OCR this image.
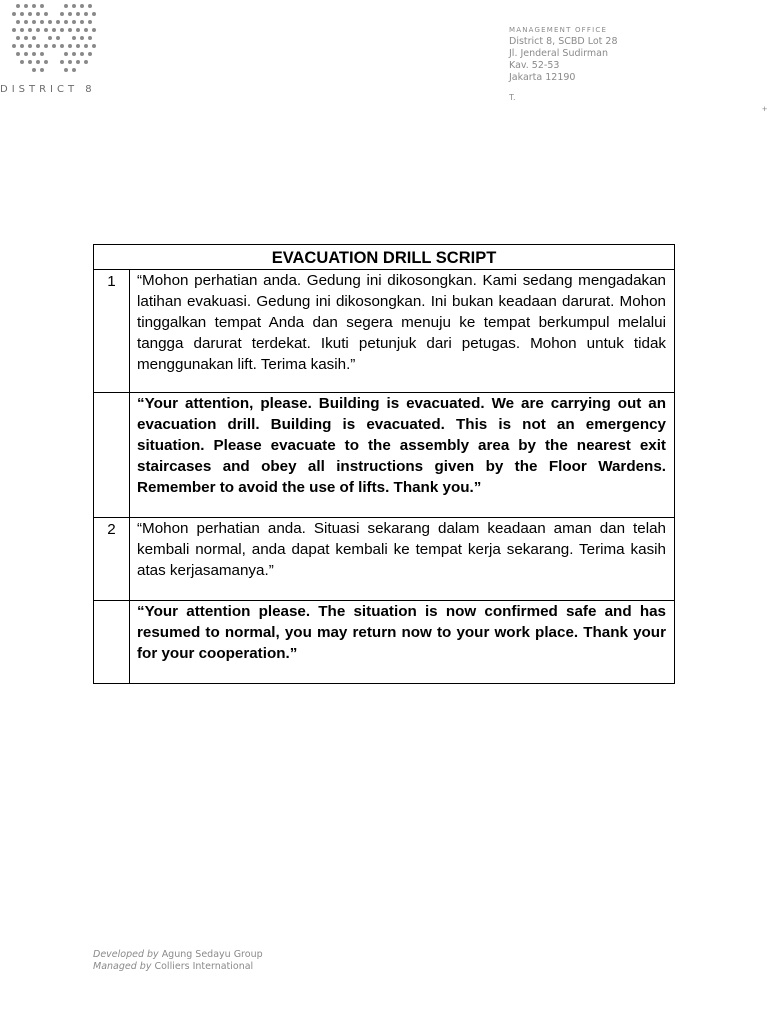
DISTRICT 8
MANAGEMENT OFFICE
District 8, SCBD Lot 28
Jl. Jenderal Sudirman
Kav. 52-53
Jakarta 12190
T.
+
EVACUATION DRILL SCRIPT	
1	“Mohon perhatian anda. Gedung ini dikosongkan. Kami sedang mengadakan latihan evakuasi. Gedung ini dikosongkan. Ini bukan keadaan darurat. Mohon tinggalkan tempat Anda dan segera menuju ke tempat berkumpul melalui tangga darurat terdekat. Ikuti petunjuk dari petugas. Mohon untuk tidak menggunakan lift. Terima kasih.”
	“Your attention, please. Building is evacuated. We are carrying out an evacuation drill. Building is evacuated. This is not an emergency situation. Please evacuate to the assembly area by the nearest exit staircases and obey all instructions given by the Floor Wardens. Remember to avoid the use of lifts. Thank you.”
2	“Mohon perhatian anda. Situasi sekarang dalam keadaan aman dan telah kembali normal, anda dapat kembali ke tempat kerja sekarang. Terima kasih atas kerjasamanya.”
	“Your attention please. The situation is now confirmed safe and has resumed to normal, you may return now to your work place. Thank your for your cooperation.”
Developed by Agung Sedayu Group
Managed by Colliers International
